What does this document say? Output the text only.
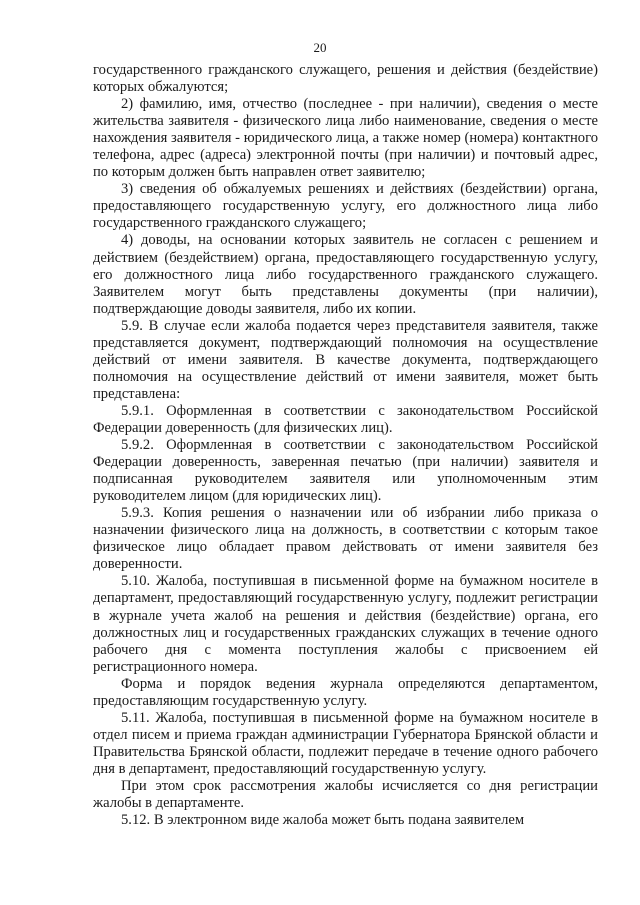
20

государственного гражданского служащего, решения и действия (бездействие) которых обжалуются;

2) фамилию, имя, отчество (последнее - при наличии), сведения о месте жительства заявителя - физического лица либо наименование, сведения о месте нахождения заявителя - юридического лица, а также номер (номера) контактного телефона, адрес (адреса) электронной почты (при наличии) и почтовый адрес, по которым должен быть направлен ответ заявителю;

3) сведения об обжалуемых решениях и действиях (бездействии) органа, предоставляющего государственную услугу, его должностного лица либо государственного гражданского служащего;

4) доводы, на основании которых заявитель не согласен с решением и действием (бездействием) органа, предоставляющего государственную услугу, его должностного лица либо государственного гражданского служащего. Заявителем могут быть представлены документы (при наличии), подтверждающие доводы заявителя, либо их копии.

5.9. В случае если жалоба подается через представителя заявителя, также представляется документ, подтверждающий полномочия на осуществление действий от имени заявителя. В качестве документа, подтверждающего полномочия на осуществление действий от имени заявителя, может быть представлена:

5.9.1. Оформленная в соответствии с законодательством Российской Федерации доверенность (для физических лиц).

5.9.2. Оформленная в соответствии с законодательством Российской Федерации доверенность, заверенная печатью (при наличии) заявителя и подписанная руководителем заявителя или уполномоченным этим руководителем лицом (для юридических лиц).

5.9.3. Копия решения о назначении или об избрании либо приказа о назначении физического лица на должность, в соответствии с которым такое физическое лицо обладает правом действовать от имени заявителя без доверенности.

5.10. Жалоба, поступившая в письменной форме на бумажном носителе в департамент, предоставляющий государственную услугу, подлежит регистрации в журнале учета жалоб на решения и действия (бездействие) органа, его должностных лиц и государственных гражданских служащих в течение одного рабочего дня с момента поступления жалобы с присвоением ей регистрационного номера.

Форма и порядок ведения журнала определяются департаментом, предоставляющим государственную услугу.

5.11. Жалоба, поступившая в письменной форме на бумажном носителе в отдел писем и приема граждан администрации Губернатора Брянской области и Правительства Брянской области, подлежит передаче в течение одного рабочего дня в департамент, предоставляющий государственную услугу.

При этом срок рассмотрения жалобы исчисляется со дня регистрации жалобы в департаменте.

5.12. В электронном виде жалоба может быть подана заявителем
